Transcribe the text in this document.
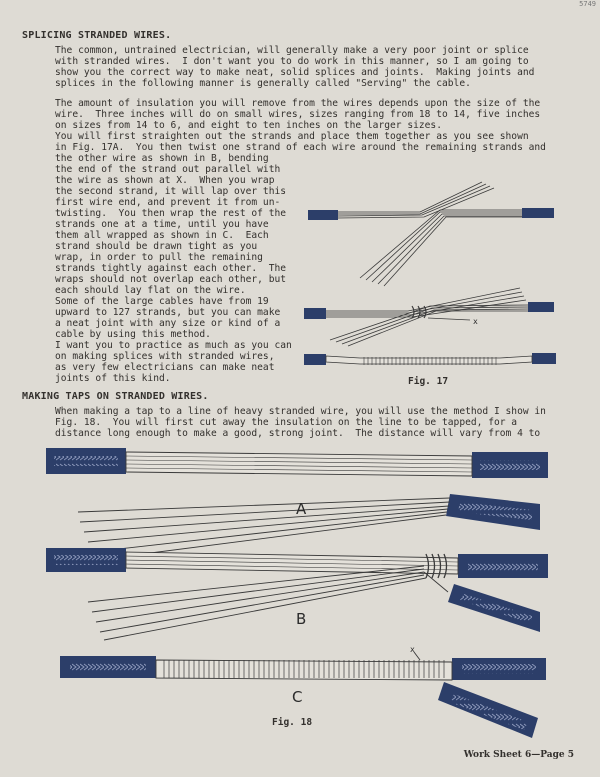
5749
SPLICING STRANDED WIRES.
The common, untrained electrician, will generally make a very poor joint or splice
with stranded wires.  I don't want you to do work in this manner, so I am going to
show you the correct way to make neat, solid splices and joints.  Making joints and
splices in the following manner is generally called "Serving" the cable.
The amount of insulation you will remove from the wires depends upon the size of the
wire.  Three inches will do on small wires, sizes ranging from 18 to 14, five inches
on sizes from 14 to 6, and eight to ten inches on the larger sizes.
You will first straighten out the strands and place them together as you see shown
in Fig. 17A.  You then twist one strand of each wire around the remaining strands and
the other wire as shown in B, bending
the end of the strand out parallel with
the wire as shown at X.  When you wrap
the second strand, it will lap over this
first wire end, and prevent it from un-
twisting.  You then wrap the rest of the
strands one at a time, until you have
them all wrapped as shown in C.  Each
strand should be drawn tight as you
wrap, in order to pull the remaining
strands tightly against each other.  The
wraps should not overlap each other, but
each should lay flat on the wire.
Some of the large cables have from 19
upward to 127 strands, but you can make
a neat joint with any size or kind of a
cable by using this method.
I want you to practice as much as you can
on making splices with stranded wires,
as very few electricians can make neat
joints of this kind.
x
Fig. 17
MAKING TAPS ON STRANDED WIRES.
When making a tap to a line of heavy stranded wire, you will use the method I show in
Fig. 18.  You will first cut away the insulation on the line to be tapped, for a
distance long enough to make a good, strong joint.  The distance will vary from 4 to
A
B
x
C
Fig. 18
Work Sheet 6—Page 5
